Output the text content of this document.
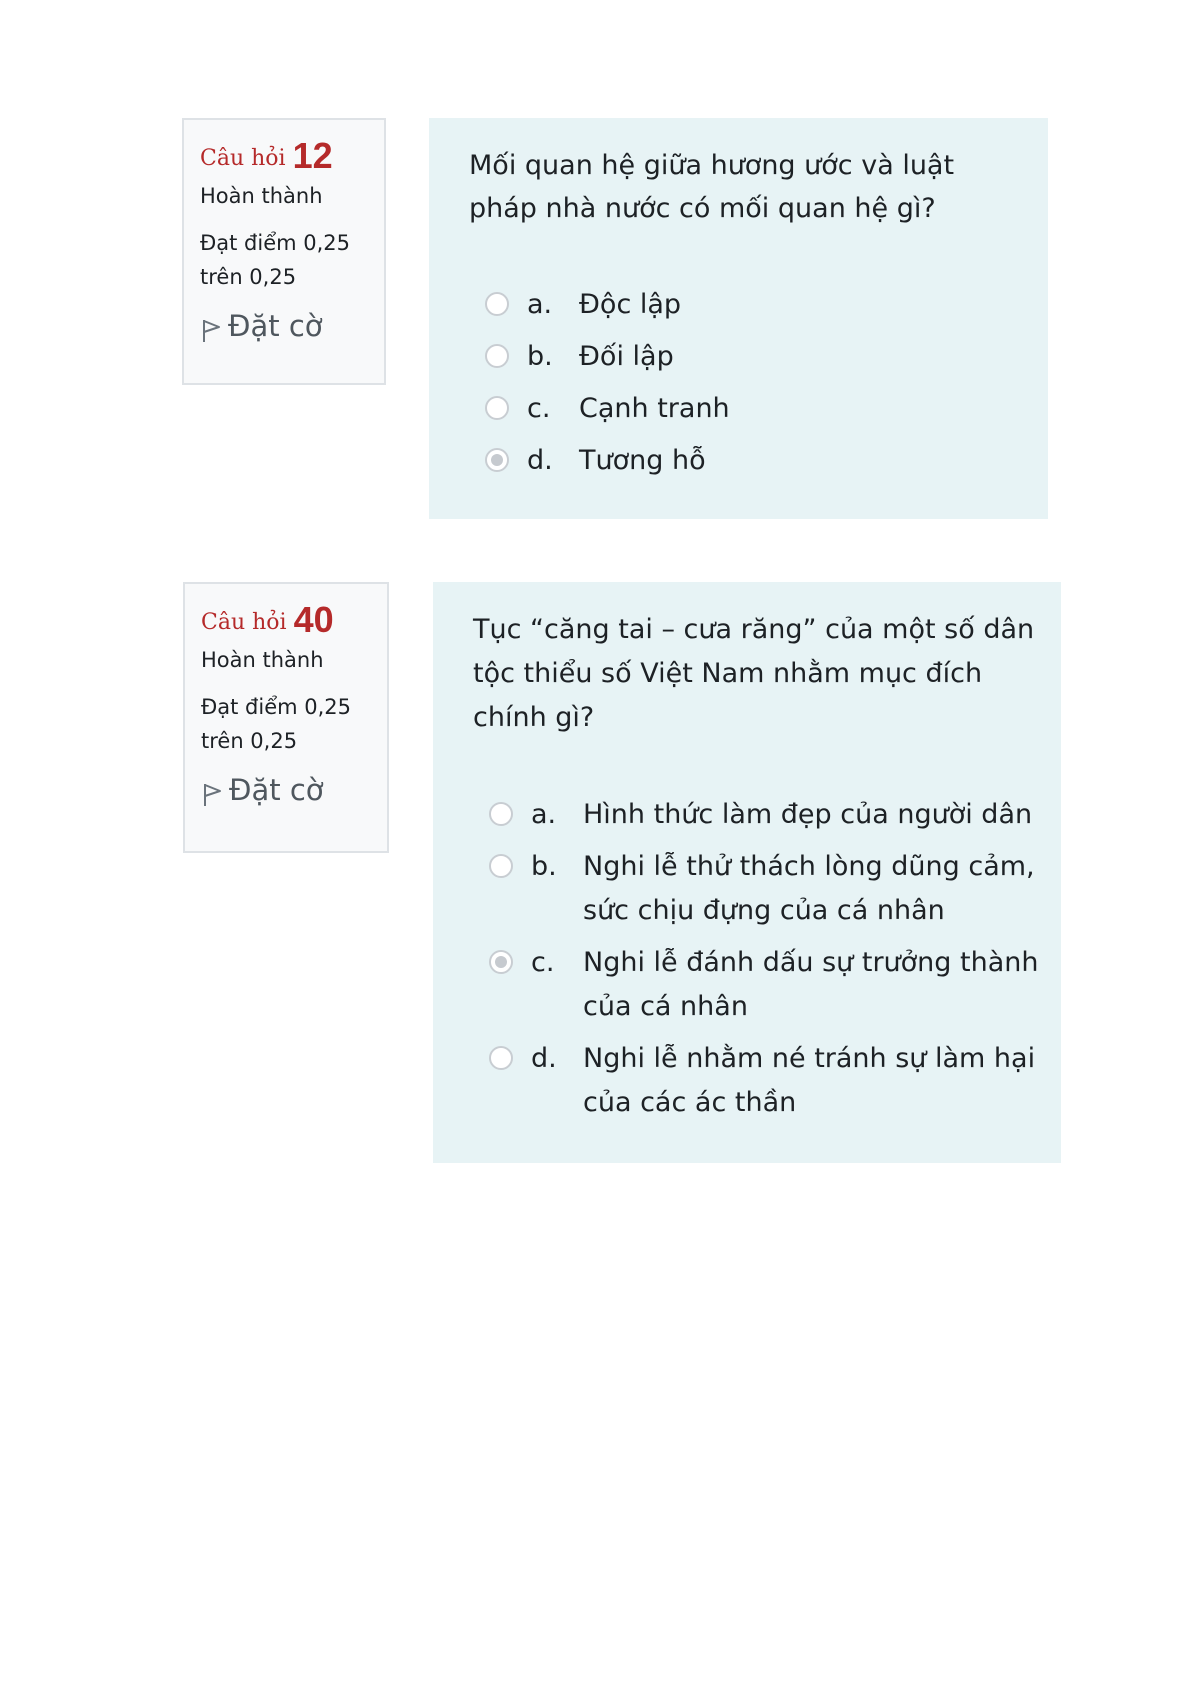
Câu hỏi 12
Hoàn thành
Đạt điểm 0,25 trên 0,25
Đặt cờ

Mối quan hệ giữa hương ước và luật pháp nhà nước có mối quan hệ gì?

a. Độc lập
b. Đối lập
c.	Cạnh tranh
d. Tương hỗ
Câu hỏi 40
Hoàn thành
Đạt điểm 0,25 trên 0,25
Đặt cờ

Tục “căng tai – cưa răng” của một số dân tộc thiểu số Việt Nam nhằm mục đích chính gì?

a. Hình thức làm đẹp của người dân
b. Nghi lễ thử thách lòng dũng cảm, sức chịu đựng của cá nhân
c.	Nghi lễ đánh dấu sự trưởng thành của cá nhân
d. Nghi lễ nhằm né tránh sự làm hại của các ác thần
